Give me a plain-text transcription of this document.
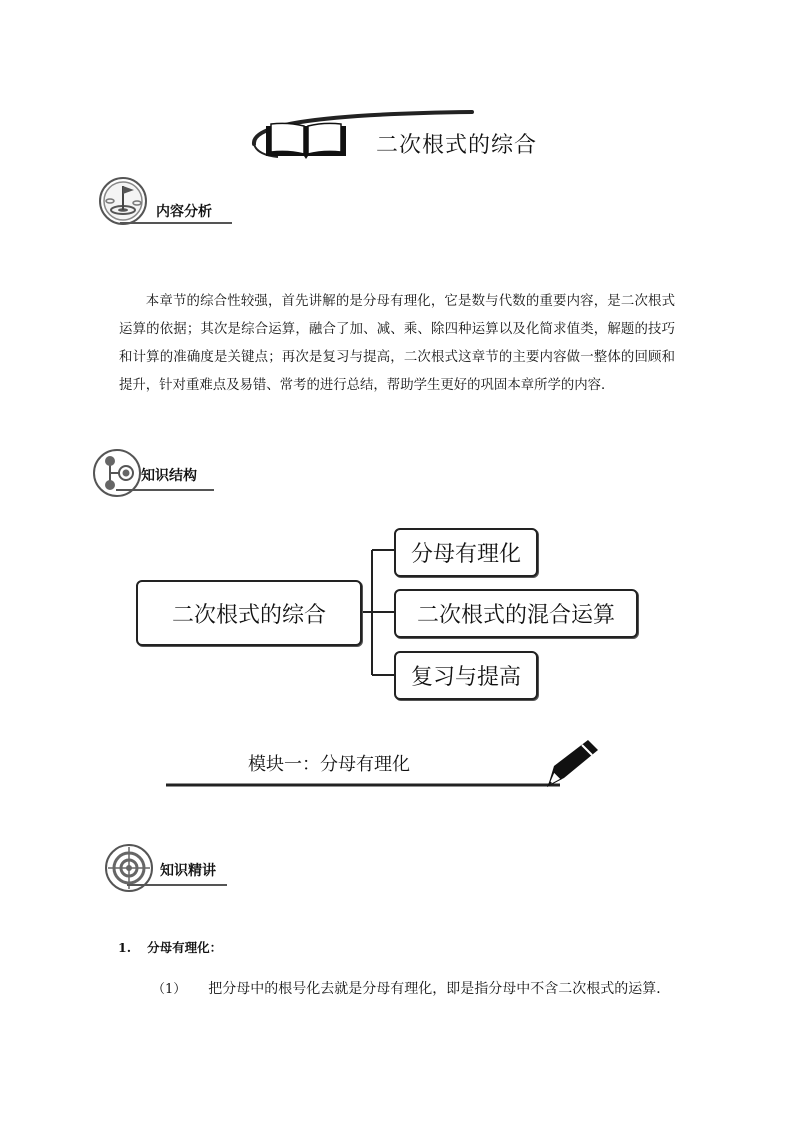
二次根式的综合
内容分析
本章节的综合性较强，首先讲解的是分母有理化，它是数与代数的重要内容，是二次根式运算的依据；其次是综合运算，融合了加、减、乘、除四种运算以及化简求值类，解题的技巧和计算的准确度是关键点；再次是复习与提高，二次根式这章节的主要内容做一整体的回顾和提升，针对重难点及易错、常考的进行总结，帮助学生更好的巩固本章所学的内容．
知识结构
二次根式的综合
分母有理化
二次根式的混合运算
复习与提高
模块一：分母有理化
知识精讲
1. 分母有理化：
（1） 把分母中的根号化去就是分母有理化，即是指分母中不含二次根式的运算．
